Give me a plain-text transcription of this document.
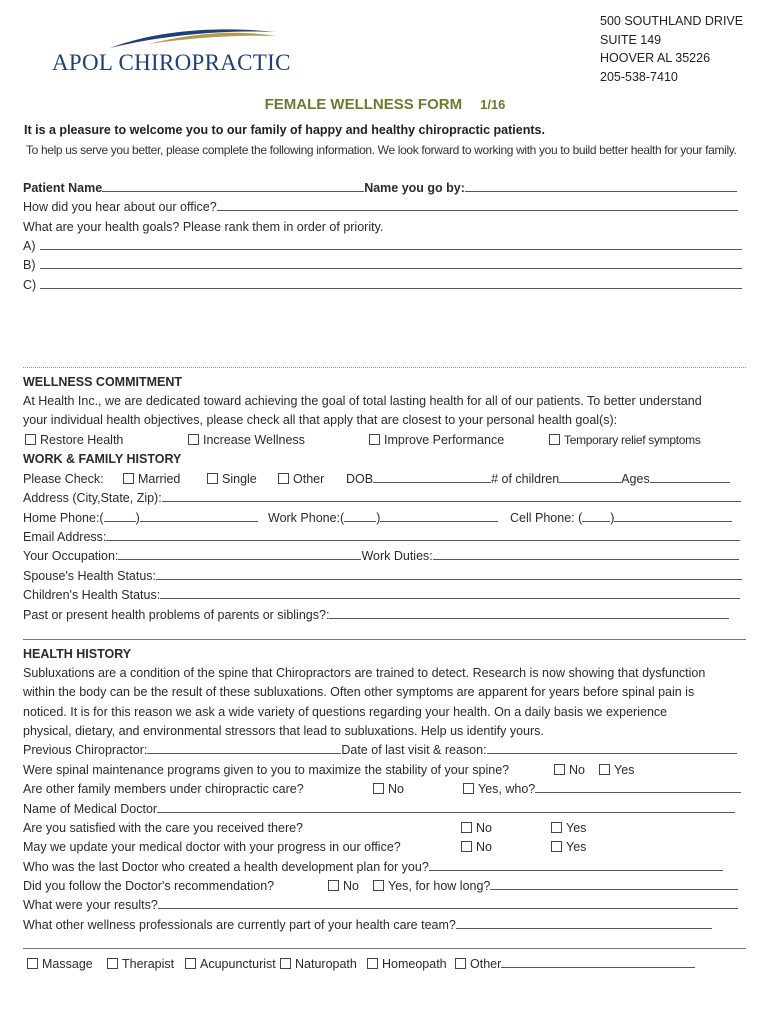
APOL CHIROPRACTIC
500 SOUTHLAND DRIVE
SUITE 149
HOOVER AL 35226
205-538-7410
FEMALE WELLNESS FORM 1/16
It is a pleasure to welcome you to our family of happy and healthy chiropractic patients.
To help us serve you better, please complete the following information. We look forward to working with you to build better health for your family.
Patient Name	Name you go by:
How did you hear about our office?
What are your health goals? Please rank them in order of priority.
A)
B)
C)
WELLNESS COMMITMENT
At Health Inc., we are dedicated toward achieving the goal of total lasting health for all of our patients. To better understand
your individual health objectives, please check all that apply that are closest to your personal health goal(s):
Restore Health	Increase Wellness	Improve Performance	Temporary relief symptoms
WORK & FAMILY HISTORY
Please Check:	Married	Single	Other DOB	# of children	Ages
Address (City,State, Zip):
Home Phone:(	)	Work Phone:(	)	Cell Phone: ( )
Email Address:
Your Occupation:	Work Duties:
Spouse's Health Status:
Children's Health Status:
Past or present health problems of parents or siblings?:
HEALTH HISTORY
Subluxations are a condition of the spine that Chiropractors are trained to detect. Research is now showing that dysfunction
within the body can be the result of these subluxations. Often other symptoms are apparent for years before spinal pain is
noticed. It is for this reason we ask a wide variety of questions regarding your health. On a daily basis we experience
physical, dietary, and environmental stressors that lead to subluxations. Help us identify yours.
Previous Chiropractor:	Date of last visit & reason:
Were spinal maintenance programs given to you to maximize the stability of your spine?	No	Yes
Are other family members under chiropractic care?	No	Yes, who?
Name of Medical Doctor
Are you satisfied with the care you received there?	No	Yes
May we update your medical doctor with your progress in our office?	No	Yes
Who was the last Doctor who created a health development plan for you?
Did you follow the Doctor's recommendation?	No	Yes, for how long?
What were your results?
What other wellness professionals are currently part of your health care team?
Massage	Therapist	Acupuncturist	Naturopath	Homeopath	Other
